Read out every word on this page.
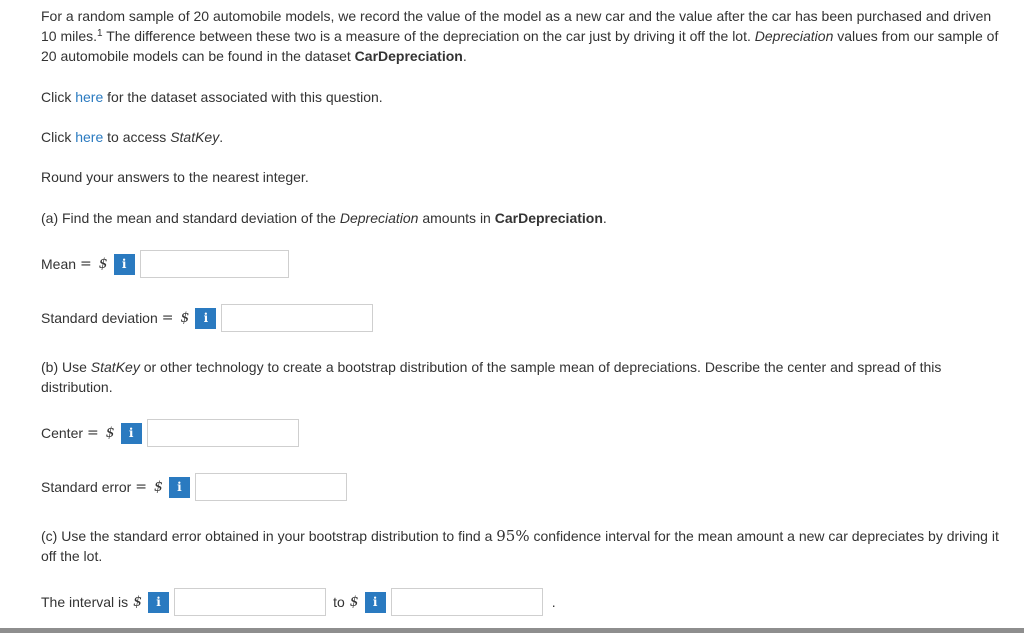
For a random sample of 20 automobile models, we record the value of the model as a new car and the value after the car has been purchased and driven 10 miles.$^1$ The difference between these two is a measure of the depreciation on the car just by driving it off the lot. Depreciation values from our sample of 20 automobile models can be found in the dataset CarDepreciation.
Click here for the dataset associated with this question.
Click here to access StatKey.
Round your answers to the nearest integer.
(a) Find the mean and standard deviation of the Depreciation amounts in CarDepreciation.
Mean = $	i
Standard deviation = $	i
(b) Use StatKey or other technology to create a bootstrap distribution of the sample mean of depreciations. Describe the center and spread of this distribution.
Center = $	i
Standard error = $	i
(c) Use the standard error obtained in your bootstrap distribution to find a 95% confidence interval for the mean amount a new car depreciates by driving it off the lot.
The interval is $	i	to $	i	.
